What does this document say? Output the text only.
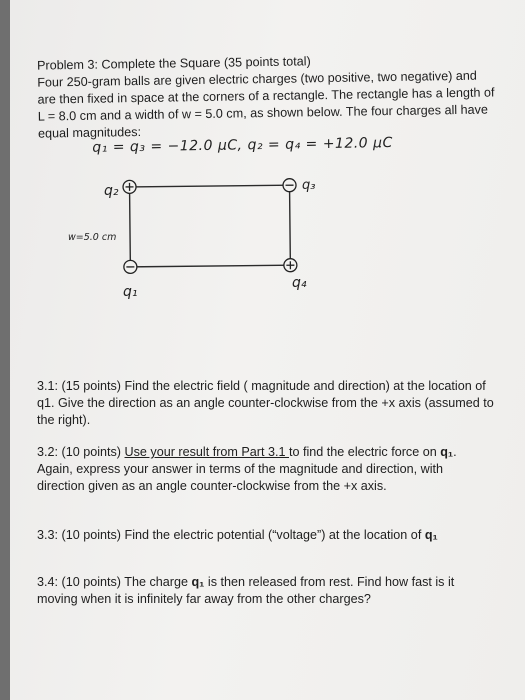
Problem 3: Complete the Square (35 points total)
Four 250-gram balls are given electric charges (two positive, two negative) and
are then fixed in space at the corners of a rectangle. The rectangle has a length of
L = 8.0 cm and a width of w = 5.0 cm, as shown below. The four charges all have
equal magnitudes:
q₁ = q₃ = −12.0 μC, q₂ = q₄ = +12.0 μC
q₂	q₃
q₁
q₄
w=5.0 cm
3.1: (15 points) Find the electric field ( magnitude and direction) at the location of
q1. Give the direction as an angle counter-clockwise from the +x axis (assumed to
the right).
3.2: (10 points) Use your result from Part 3.1 to find the electric force on q₁.
Again, express your answer in terms of the magnitude and direction, with
direction given as an angle counter-clockwise from the +x axis.
3.3: (10 points) Find the electric potential (“voltage”) at the location of q₁
3.4: (10 points) The charge q₁ is then released from rest. Find how fast is it
moving when it is infinitely far away from the other charges?
